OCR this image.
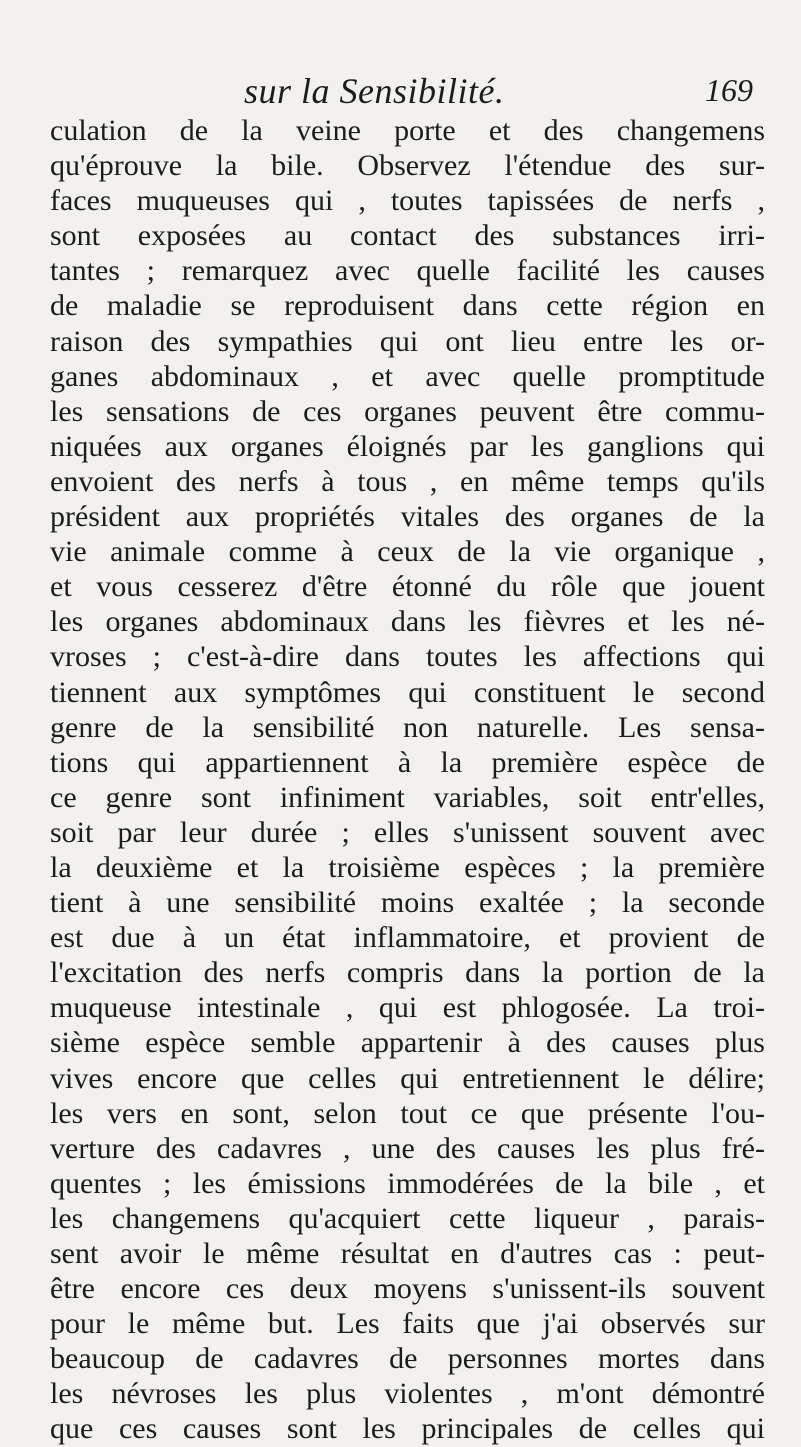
sur la Sensibilité.	169
culation de la veine porte et des changemens
qu'éprouve la bile. Observez l'étendue des sur-
faces muqueuses qui , toutes tapissées de nerfs ,
sont exposées au contact des substances irri-
tantes ; remarquez avec quelle facilité les causes
de maladie se reproduisent dans cette région en
raison des sympathies qui ont lieu entre les or-
ganes abdominaux , et avec quelle promptitude
les sensations de ces organes peuvent être commu-
niquées aux organes éloignés par les ganglions qui
envoient des nerfs à tous , en même temps qu'ils
président aux propriétés vitales des organes de la
vie animale comme à ceux de la vie organique ,
et vous cesserez d'être étonné du rôle que jouent
les organes abdominaux dans les fièvres et les né-
vroses ; c'est-à-dire dans toutes les affections qui
tiennent aux symptômes qui constituent le second
genre de la sensibilité non naturelle. Les sensa-
tions qui appartiennent à la première espèce de
ce genre sont infiniment variables, soit entr'elles,
soit par leur durée ; elles s'unissent souvent avec
la deuxième et la troisième espèces ; la première
tient à une sensibilité moins exaltée ; la seconde
est due à un état inflammatoire, et provient de
l'excitation des nerfs compris dans la portion de la
muqueuse intestinale , qui est phlogosée. La troi-
sième espèce semble appartenir à des causes plus
vives encore que celles qui entretiennent le délire;
les vers en sont, selon tout ce que présente l'ou-
verture des cadavres , une des causes les plus fré-
quentes ; les émissions immodérées de la bile , et
les changemens qu'acquiert cette liqueur , parais-
sent avoir le même résultat en d'autres cas : peut-
être encore ces deux moyens s'unissent-ils souvent
pour le même but. Les faits que j'ai observés sur
beaucoup de cadavres de personnes mortes dans
les névroses les plus violentes , m'ont démontré
que ces causes sont les principales de celles qui
